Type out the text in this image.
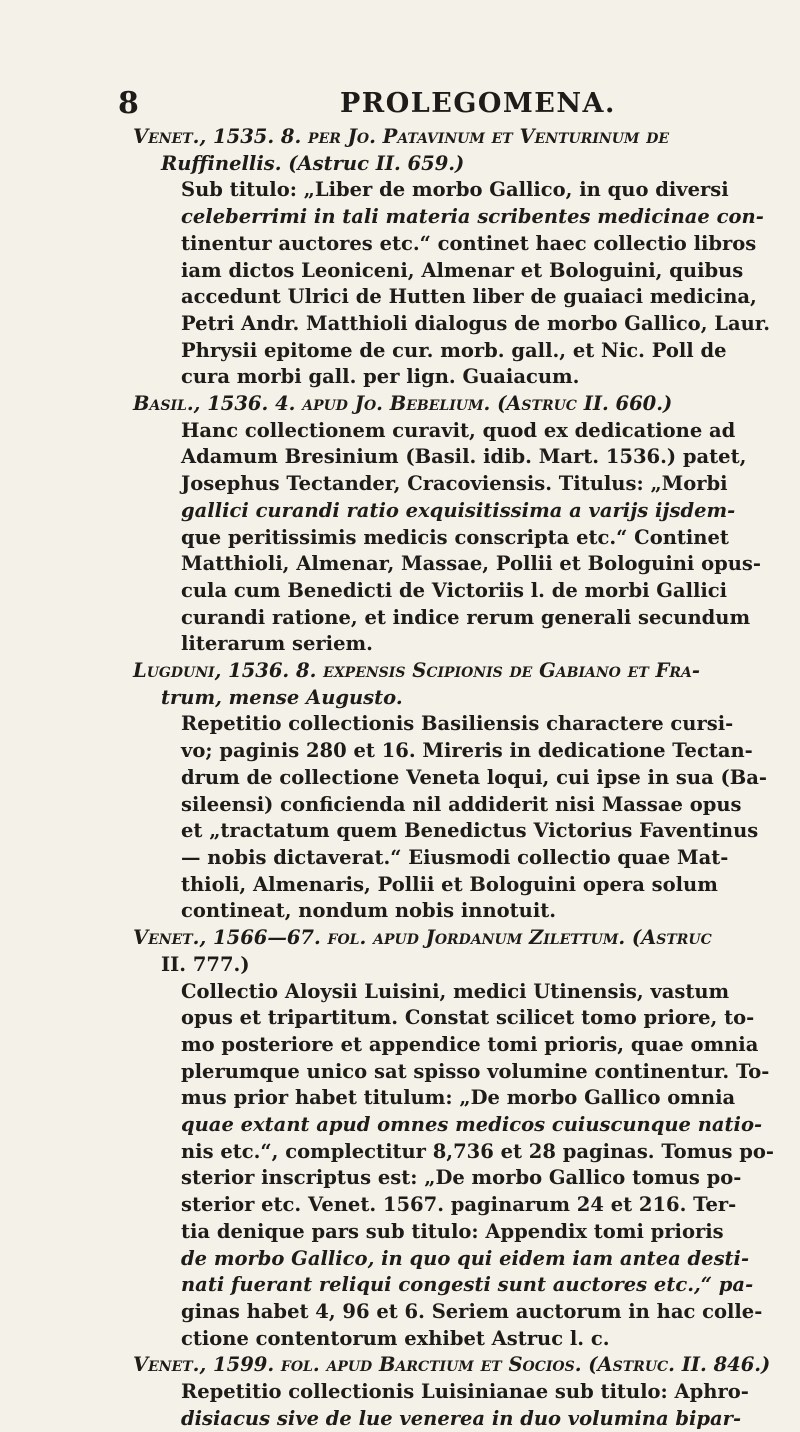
8	PROLEGOMENA.
Venet., 1535. 8. per Jo. Patavinum et Venturinum de
Ruffinellis. (Astruc II. 659.)
Sub titulo: „Liber de morbo Gallico, in quo diversi
celeberrimi in tali materia scribentes medicinae con-
tinentur auctores etc.“ continet haec collectio libros
iam dictos Leoniceni, Almenar et Bologuini, quibus
accedunt Ulrici de Hutten liber de guaiaci medicina,
Petri Andr. Matthioli dialogus de morbo Gallico, Laur.
Phrysii epitome de cur. morb. gall., et Nic. Poll de
cura morbi gall. per lign. Guaiacum.
Basil., 1536. 4. apud Jo. Bebelium. (Astruc II. 660.)
Hanc collectionem curavit, quod ex dedicatione ad
Adamum Bresinium (Basil. idib. Mart. 1536.) patet,
Josephus Tectander, Cracoviensis. Titulus: „Morbi
gallici curandi ratio exquisitissima a varijs ijsdem-
que peritissimis medicis conscripta etc.“ Continet
Matthioli, Almenar, Massae, Pollii et Bologuini opus-
cula cum Benedicti de Victoriis l. de morbi Gallici
curandi ratione, et indice rerum generali secundum
literarum seriem.
Lugduni, 1536. 8. expensis Scipionis de Gabiano et Fra-
trum, mense Augusto.
Repetitio collectionis Basiliensis charactere cursi-
vo; paginis 280 et 16. Mireris in dedicatione Tectan-
drum de collectione Veneta loqui, cui ipse in sua (Ba-
sileensi) conficienda nil addiderit nisi Massae opus
et „tractatum quem Benedictus Victorius Faventinus
— nobis dictaverat.“ Eiusmodi collectio quae Mat-
thioli, Almenaris, Pollii et Bologuini opera solum
contineat, nondum nobis innotuit.
Venet., 1566—67. fol. apud Jordanum Zilettum. (Astruc
II. 777.)
Collectio Aloysii Luisini, medici Utinensis, vastum
opus et tripartitum. Constat scilicet tomo priore, to-
mo posteriore et appendice tomi prioris, quae omnia
plerumque unico sat spisso volumine continentur. To-
mus prior habet titulum: „De morbo Gallico omnia
quae extant apud omnes medicos cuiuscunque natio-
nis etc.“, complectitur 8,736 et 28 paginas. Tomus po-
sterior inscriptus est: „De morbo Gallico tomus po-
sterior etc. Venet. 1567. paginarum 24 et 216. Ter-
tia denique pars sub titulo: Appendix tomi prioris
de morbo Gallico, in quo qui eidem iam antea desti-
nati fuerant reliqui congesti sunt auctores etc.,“ pa-
ginas habet 4, 96 et 6. Seriem auctorum in hac colle-
ctione contentorum exhibet Astruc l. c.
Venet., 1599. fol. apud Barctium et Socios. (Astruc. II. 846.)
Repetitio collectionis Luisinianae sub titulo: Aphro-
disiacus sive de lue venerea in duo volumina bipar-
